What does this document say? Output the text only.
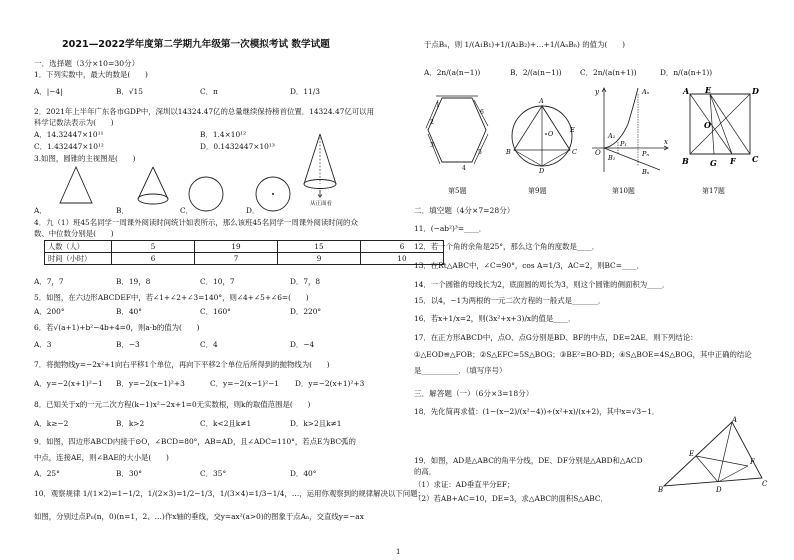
2021—2022学年度第二学期九年级第一次模拟考试 数学试题
一．选择题（3分×10=30分）
1．下列实数中，最大的数是(　　)
A．|−4|	B．√15	C．π	D．11/3
2．2021年上半年广东各市GDP中，深圳以14324.47亿的总量继续保持榜首位置．14324.47亿可以用
科学记数法表示为(　　)
A．14.32447×10¹¹	B．1.4×10¹²
C．1.432447×10¹²	D．0.1432447×10¹³
3.如图，圆锥的主视图是(　　)
从正面看
A．	B．	C．	D．
4．九（1）班45名同学一周课外阅读时间统计如表所示，那么该班45名同学一周课外阅读时间的众
数、中位数分别是(　　)
人数（人）	5	19	15	6
时间（小时）	6	7	9	10
A．7，7	B．19，8	C．10，7	D．7，8
5．如图，在六边形ABCDEF中，若∠1+∠2+∠3=140°，则∠4+∠5+∠6=(　　)
A．200°	B．40°	C．160°	D．220°
6．若√(a+1)+b²−4b+4=0，则a·b的值为(　　)
A．3	B．−3	C．4	D．−4
7．将抛物线y=−2x²+1向右平移1个单位，再向下平移2个单位后所得到的抛物线为(　　)
A．y=−2(x+1)²−1 B．y=−2(x−1)²+3	C．y=−2(x−1)²−1 D．y=−2(x+1)²+3
8．已知关于x的一元二次方程(k−1)x²−2x+1=0无实数根，则k的取值范围是(　　)
A．k≥−2	B．k>2	C．k<2且k≠1	D．k>2且k≠1
9．如图，四边形ABCD内接于⊙O，∠BCD=80°，AB=AD，且∠ADC=110°，若点E为BC弧的
中点，连接AE，则∠BAE的大小是(　　)
A．25°	B．30°	C．35°	D．40°
10．观察规律 1/(1×2)=1−1/2，1/(2×3)=1/2−1/3，1/(3×4)=1/3−1/4，…，运用你观察到的规律解决以下问题：
如图，分别过点Pₙ(n，0)(n=1，2、…)作x轴的垂线，交y=ax²(a>0)的图象于点Aₙ，交直线y=−ax
于点Bₙ，则 1/(A₁B₁)+1/(A₂B₂)+…+1/(AₙBₙ) 的值为(　　)
A．2n/(a(n−1))	B．2/(a(n−1)) C．2n/(a(n+1))	D．n/(a(n+1))
1
2
3
4
5
6
A
B	C
D
E
O
y
O
x
Aₙ
A₁
B₁
P₁
Bₙ
Pₙ
A E	D
O
B	G F C
第5题	第9题	第10题	第17题
二．填空题（4分×7=28分）
11．(−ab²)³=____．
12．若一个角的余角是25°，那么这个角的度数是____．
13．在Rt△ABC中，∠C=90°，cos A=1/3，AC=2，则BC=____．
14．一个圆锥的母线长为2，底面圆的周长为3，则这个圆锥的侧面积为____．
15．以4，−1为两根的一元二次方程的一般式是_______．
16．若x+1/x=2，则(3x²+x+3)/x的值是____．
17．在正方形ABCD中，点O、点G分别是BD、BF的中点，DE=2AE．则下列结论：
①△EOD≌△FOB；②S△EFC=5S△BOG；③BE²=BO·BD；④S△BOE=4S△BOG，其中正确的结论
是__________．（填写序号）
三．解答题（一）（6分×3=18分）
18．先化简再求值：(1−(x−2)/(x²−4))÷(x²+x)/(x+2)，其中x=√3−1．
19．如图，AD是△ABC的角平分线，DE、DF分别是△ABD和△ACD
的高．
（1）求证：AD垂直平分EF；
（2）若AB+AC=10，DE=3，求△ABC的面积S△ABC．
A
E
F
B	D
C
1
